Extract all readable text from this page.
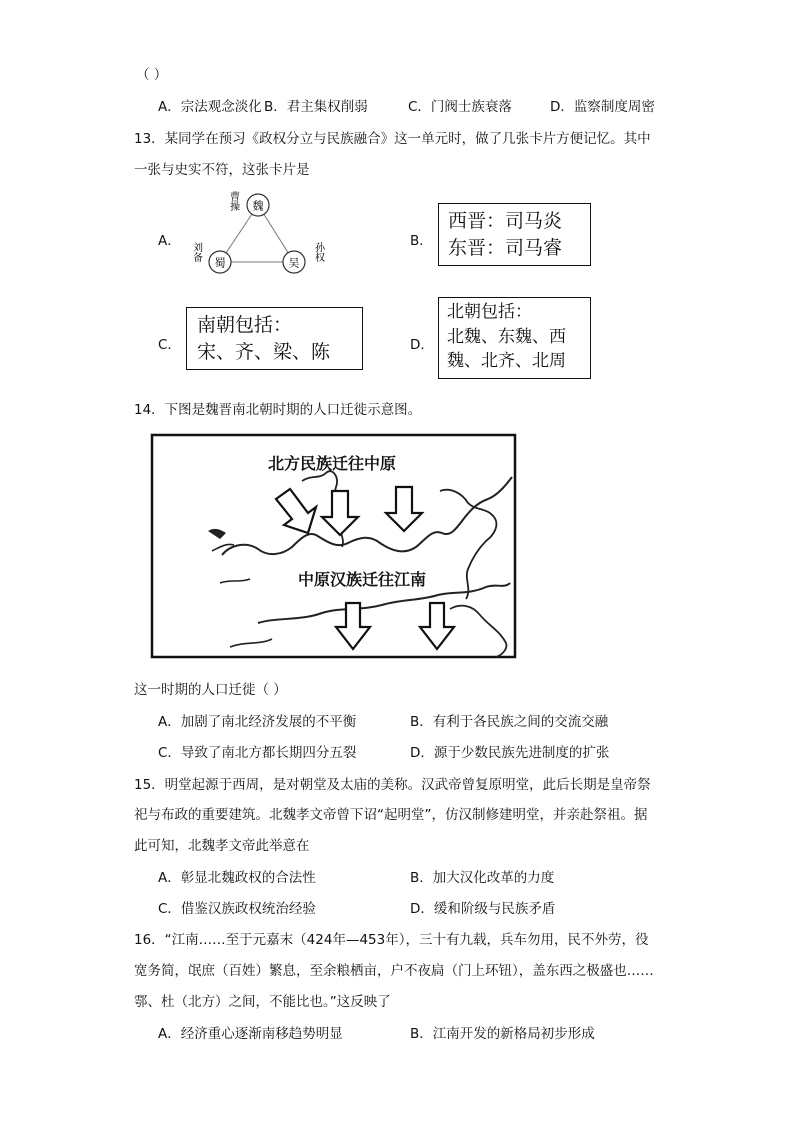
（ ）
A．宗法观念淡化 B．君主集权削弱	C．门阀士族衰落	D．监察制度周密
13．某同学在预习《政权分立与民族融合》这一单元时，做了几张卡片方便记忆。其中
一张与史实不符，这张卡片是
A．
魏
蜀	吴
曹操
刘备	孙权
B．
西晋：司马炎
东晋：司马睿
C．
南朝包括：
宋、齐、梁、陈	D．
北朝包括：
北魏、东魏、西
魏、北齐、北周
14．下图是魏晋南北朝时期的人口迁徙示意图。
北方民族迁往中原
中原汉族迁往江南
这一时期的人口迁徙（ ）
A．加剧了南北经济发展的不平衡	B．有利于各民族之间的交流交融
C．导致了南北方都长期四分五裂	D．源于少数民族先进制度的扩张
15．明堂起源于西周，是对朝堂及太庙的美称。汉武帝曾复原明堂，此后长期是皇帝祭
祀与布政的重要建筑。北魏孝文帝曾下诏“起明堂”，仿汉制修建明堂，并亲赴祭祖。据
此可知，北魏孝文帝此举意在
A．彰显北魏政权的合法性	B．加大汉化改革的力度
C．借鉴汉族政权统治经验	D．缓和阶级与民族矛盾
16．“江南……至于元嘉末（424年—453年），三十有九载，兵车勿用，民不外劳，役
宽务简，氓庶（百姓）繁息，至余粮栖亩，户不夜扃（门上环钮），盖东西之极盛也……
鄠、杜（北方）之间，不能比也。”这反映了
A．经济重心逐渐南移趋势明显	B．江南开发的新格局初步形成
